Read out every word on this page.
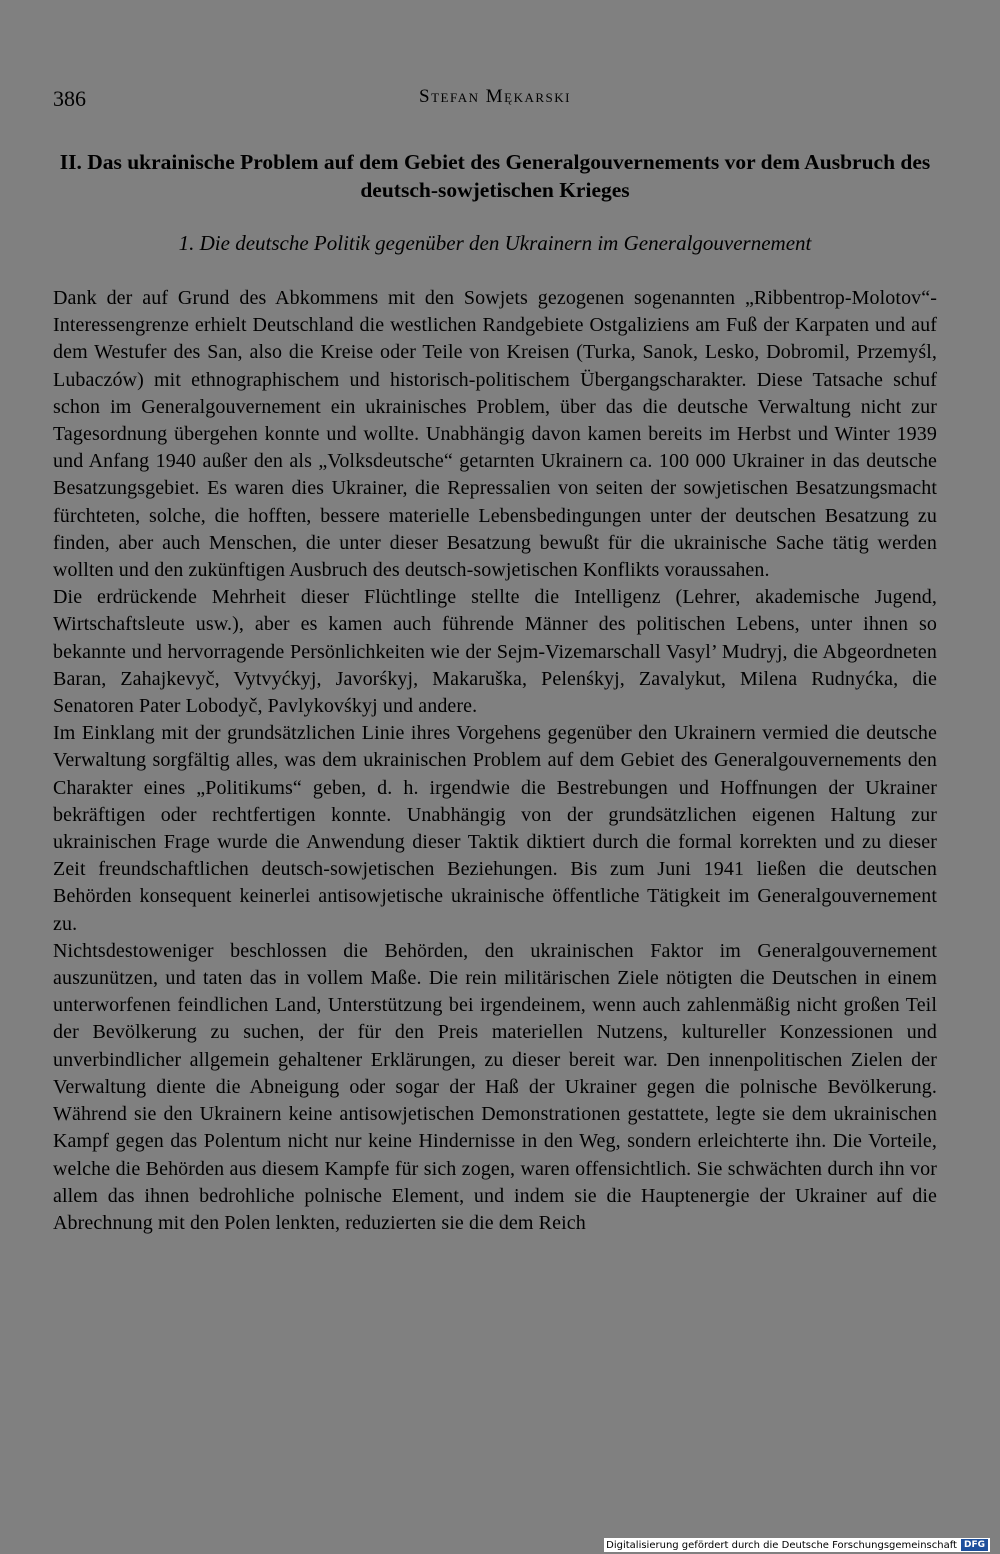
386	Stefan Mękarski
II. Das ukrainische Problem auf dem Gebiet des Generalgouvernements vor dem Ausbruch des deutsch-sowjetischen Krieges
1. Die deutsche Politik gegenüber den Ukrainern im Generalgouvernement

Dank der auf Grund des Abkommens mit den Sowjets gezogenen sogenannten „Ribbentrop-Molotov“-Interessengrenze erhielt Deutschland die westlichen Randgebiete Ostgaliziens am Fuß der Karpaten und auf dem Westufer des San, also die Kreise oder Teile von Kreisen (Turka, Sanok, Lesko, Dobromil, Przemyśl, Lubaczów) mit ethnographischem und historisch-politischem Übergangscharakter. Diese Tatsache schuf schon im Generalgouvernement ein ukrainisches Problem, über das die deutsche Verwaltung nicht zur Tagesordnung übergehen konnte und wollte. Unabhängig davon kamen bereits im Herbst und Winter 1939 und Anfang 1940 außer den als „Volksdeutsche“ getarnten Ukrainern ca. 100 000 Ukrainer in das deutsche Besatzungsgebiet. Es waren dies Ukrainer, die Repressalien von seiten der sowjetischen Besatzungsmacht fürchteten, solche, die hofften, bessere materielle Lebensbedingungen unter der deutschen Besatzung zu finden, aber auch Menschen, die unter dieser Besatzung bewußt für die ukrainische Sache tätig werden wollten und den zukünftigen Ausbruch des deutsch-sowjetischen Konflikts voraussahen.

Die erdrückende Mehrheit dieser Flüchtlinge stellte die Intelligenz (Lehrer, akademische Jugend, Wirtschaftsleute usw.), aber es kamen auch führende Männer des politischen Lebens, unter ihnen so bekannte und hervorragende Persönlichkeiten wie der Sejm-Vizemarschall Vasyl’ Mudryj, die Abgeordneten Baran, Zahajkevyč, Vytvyćkyj, Javorśkyj, Makaruška, Pelenśkyj, Zavalykut, Milena Rudnyćka, die Senatoren Pater Lobodyč, Pavlykovśkyj und andere.

Im Einklang mit der grundsätzlichen Linie ihres Vorgehens gegenüber den Ukrainern vermied die deutsche Verwaltung sorgfältig alles, was dem ukrainischen Problem auf dem Gebiet des Generalgouvernements den Charakter eines „Politikums“ geben, d. h. irgendwie die Bestrebungen und Hoffnungen der Ukrainer bekräftigen oder rechtfertigen konnte. Unabhängig von der grundsätzlichen eigenen Haltung zur ukrainischen Frage wurde die Anwendung dieser Taktik diktiert durch die formal korrekten und zu dieser Zeit freundschaftlichen deutsch-sowjetischen Beziehungen. Bis zum Juni 1941 ließen die deutschen Behörden konsequent keinerlei antisowjetische ukrainische öffentliche Tätigkeit im Generalgouvernement zu.

Nichtsdestoweniger beschlossen die Behörden, den ukrainischen Faktor im Generalgouvernement auszunützen, und taten das in vollem Maße. Die rein militärischen Ziele nötigten die Deutschen in einem unterworfenen feindlichen Land, Unterstützung bei irgendeinem, wenn auch zahlenmäßig nicht großen Teil der Bevölkerung zu suchen, der für den Preis materiellen Nutzens, kultureller Konzessionen und unverbindlicher allgemein gehaltener Erklärungen, zu dieser bereit war. Den innenpolitischen Zielen der Verwaltung diente die Abneigung oder sogar der Haß der Ukrainer gegen die polnische Bevölkerung. Während sie den Ukrainern keine antisowjetischen Demonstrationen gestattete, legte sie dem ukrainischen Kampf gegen das Polentum nicht nur keine Hindernisse in den Weg, sondern erleichterte ihn. Die Vorteile, welche die Behörden aus diesem Kampfe für sich zogen, waren offensichtlich. Sie schwächten durch ihn vor allem das ihnen bedrohliche polnische Element, und indem sie die Hauptenergie der Ukrainer auf die Abrechnung mit den Polen lenkten, reduzierten sie die dem Reich

Digitalisierung gefördert durch die Deutsche Forschungsgemeinschaft DFG
